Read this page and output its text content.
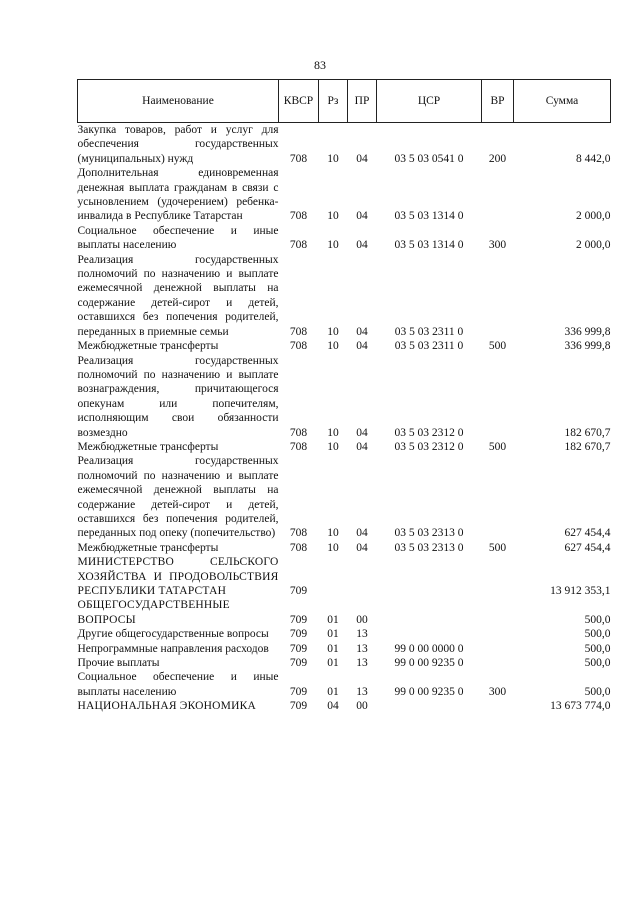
83
Наименование	КВСР	Рз	ПР	ЦСР	ВР	Сумма
Закупка товаров, работ и услуг для обеспечения государственных (муниципальных) нужд	708	10	04	03 5 03 0541 0	200	8 442,0
Дополнительная единовременная денежная выплата гражданам в связи с усыновлением (удочерением) ребенка-инвалида в Республике Татарстан	708	10	04	03 5 03 1314 0		2 000,0
Социальное обеспечение и иные выплаты населению	708	10	04	03 5 03 1314 0	300	2 000,0
Реализация государственных полномочий по назначению и выплате ежемесячной денежной выплаты на содержание детей-сирот и детей, оставшихся без попечения родителей, переданных в приемные семьи	708	10	04	03 5 03 2311 0		336 999,8
Межбюджетные трансферты	708	10	04	03 5 03 2311 0	500	336 999,8
Реализация государственных полномочий по назначению и выплате вознаграждения, причитающегося опекунам или попечителям, исполняющим свои обязанности возмездно	708	10	04	03 5 03 2312 0		182 670,7
Межбюджетные трансферты	708	10	04	03 5 03 2312 0	500	182 670,7
Реализация государственных полномочий по назначению и выплате ежемесячной денежной выплаты на содержание детей-сирот и детей, оставшихся без попечения родителей, переданных под опеку (попечительство)	708	10	04	03 5 03 2313 0		627 454,4
Межбюджетные трансферты	708	10	04	03 5 03 2313 0	500	627 454,4
МИНИСТЕРСТВО СЕЛЬСКОГО ХОЗЯЙСТВА И ПРОДОВОЛЬСТВИЯ РЕСПУБЛИКИ ТАТАРСТАН	709					13 912 353,1
ОБЩЕГОСУДАРСТВЕННЫЕ ВОПРОСЫ	709	01	00			500,0
Другие общегосударственные вопросы	709	01	13			500,0
Непрограммные направления расходов	709	01	13	99 0 00 0000 0		500,0
Прочие выплаты	709	01	13	99 0 00 9235 0		500,0
Социальное обеспечение и иные выплаты населению	709	01	13	99 0 00 9235 0	300	500,0
НАЦИОНАЛЬНАЯ ЭКОНОМИКА	709	04	00			13 673 774,0
